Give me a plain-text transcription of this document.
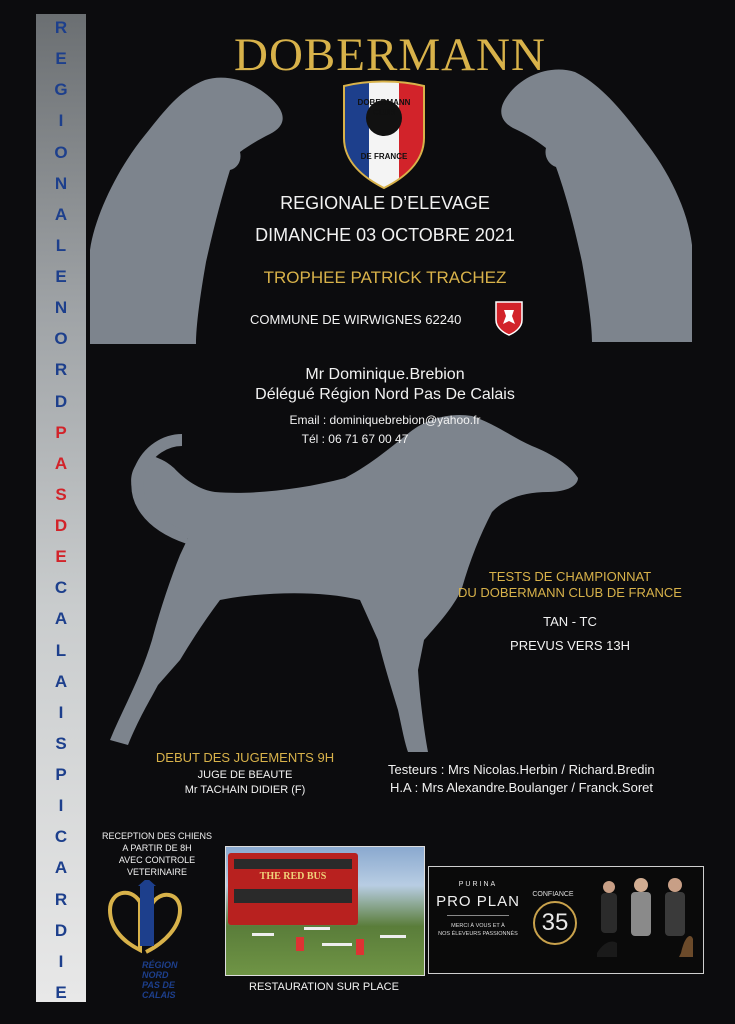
R
E
G
I
O
N
A
L
E
N
O
R
D
P
A
S
D
E
C
A
L
A
I
S
P
I
C
A
R
D
I
E
DOBERMANN
DOBERMANN
CLUB
DE FRANCE
REGIONALE D’ELEVAGE
DIMANCHE 03 OCTOBRE 2021
TROPHEE PATRICK TRACHEZ
COMMUNE DE WIRWIGNES 62240
Mr Dominique.Brebion
Délégué Région Nord Pas De Calais
Email : dominiquebrebion@yahoo.fr
Tél : 06 71 67 00 47
TESTS DE CHAMPIONNAT
DU DOBERMANN CLUB DE FRANCE
TAN - TC
PREVUS VERS 13H
DEBUT DES JUGEMENTS 9H
JUGE DE BEAUTE
Mr TACHAIN DIDIER (F)
Testeurs : Mrs Nicolas.Herbin / Richard.Bredin
H.A : Mrs Alexandre.Boulanger / Franck.Soret
RECEPTION DES CHIENS
A PARTIR DE 8H
AVEC CONTROLE VETERINAIRE
RÉGION
NORD
PAS DE CALAIS
THE RED BUS
RESTAURATION SUR PLACE
PURINA
PRO PLAN
MERCI À VOUS ET À
NOS ÉLEVEURS PASSIONNÉS
CONFIANCE
35
